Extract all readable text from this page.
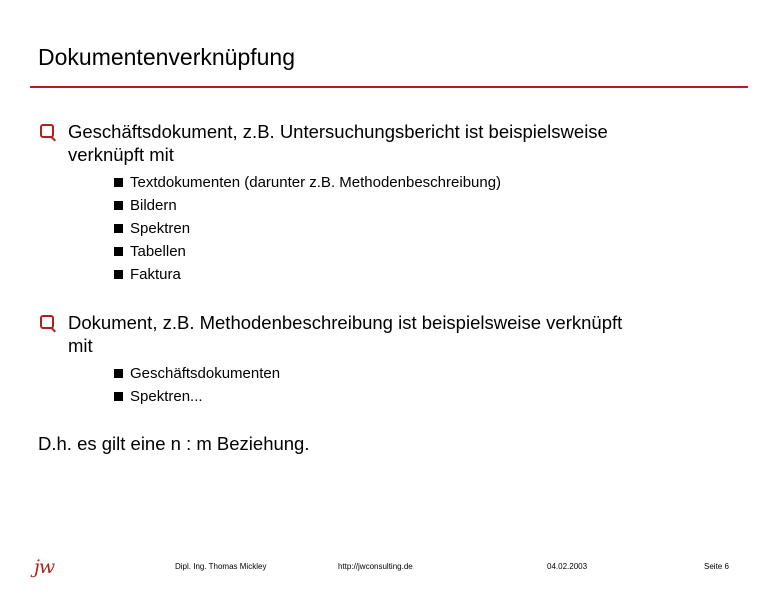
Dokumentenverknüpfung
Geschäftsdokument, z.B. Untersuchungsbericht ist beispielsweise
verknüpft mit
Textdokumenten (darunter z.B. Methodenbeschreibung)
Bildern
Spektren
Tabellen
Faktura
Dokument, z.B. Methodenbeschreibung ist beispielsweise verknüpft
mit
Geschäftsdokumenten
Spektren...
D.h. es gilt eine n : m Beziehung.
jw	Dipl. Ing. Thomas Mickley	http://jwconsulting.de	04.02.2003	Seite 6
